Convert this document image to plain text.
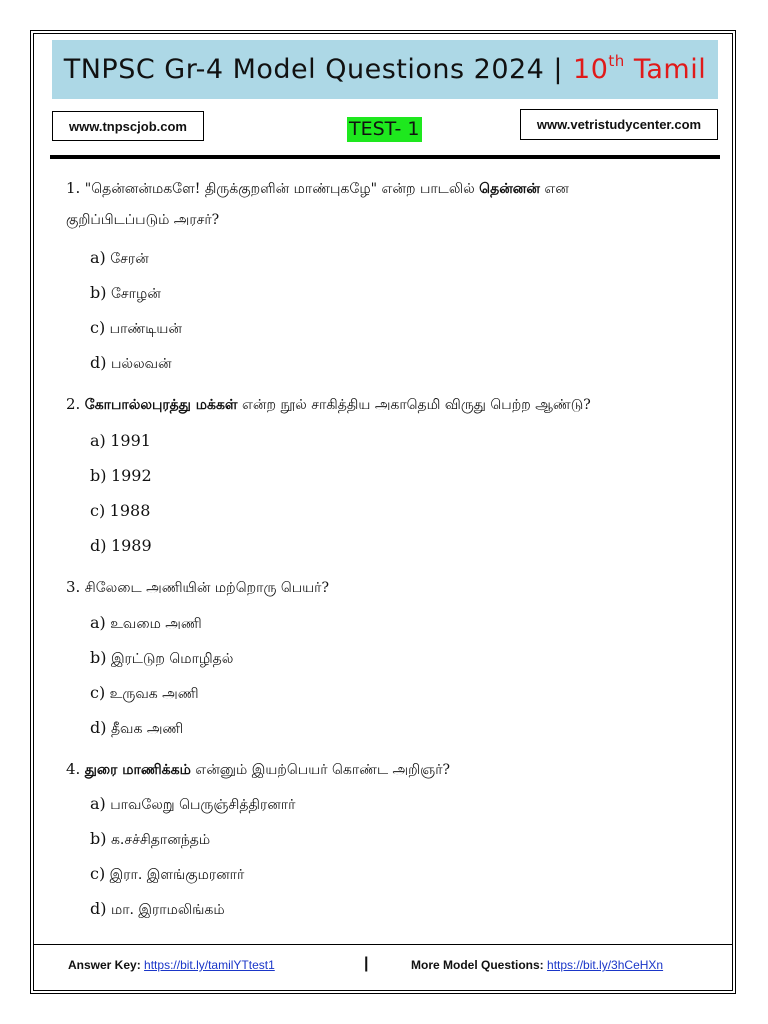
TNPSC Gr-4 Model Questions 2024 | 10th Tamil
www.tnpscjob.com	TEST- 1	www.vetristudycenter.com
1. "தென்னன்மகளே! திருக்குறளின் மாண்புகழே" என்ற பாடலில் தென்னன் என
குறிப்பிடப்படும் அரசர்?
a) சேரன்
b) சோழன்
c) பாண்டியன்
d) பல்லவன்
2. கோபால்லபுரத்து மக்கள் என்ற நூல் சாகித்திய அகாதெமி விருது பெற்ற ஆண்டு?
a) 1991
b) 1992
c) 1988
d) 1989
3. சிலேடை அணியின் மற்றொரு பெயர்?
a) உவமை அணி
b) இரட்டுற மொழிதல்
c) உருவக அணி
d) தீவக அணி
4. துரை மாணிக்கம் என்னும் இயற்பெயர் கொண்ட அறிஞர்?
a) பாவலேறு பெருஞ்சித்திரனார்
b) க.சச்சிதானந்தம்
c) இரா. இளங்குமரனார்
d) மா. இராமலிங்கம்
Answer Key: https://bit.ly/tamilYTtest1	|	More Model Questions: https://bit.ly/3hCeHXn
